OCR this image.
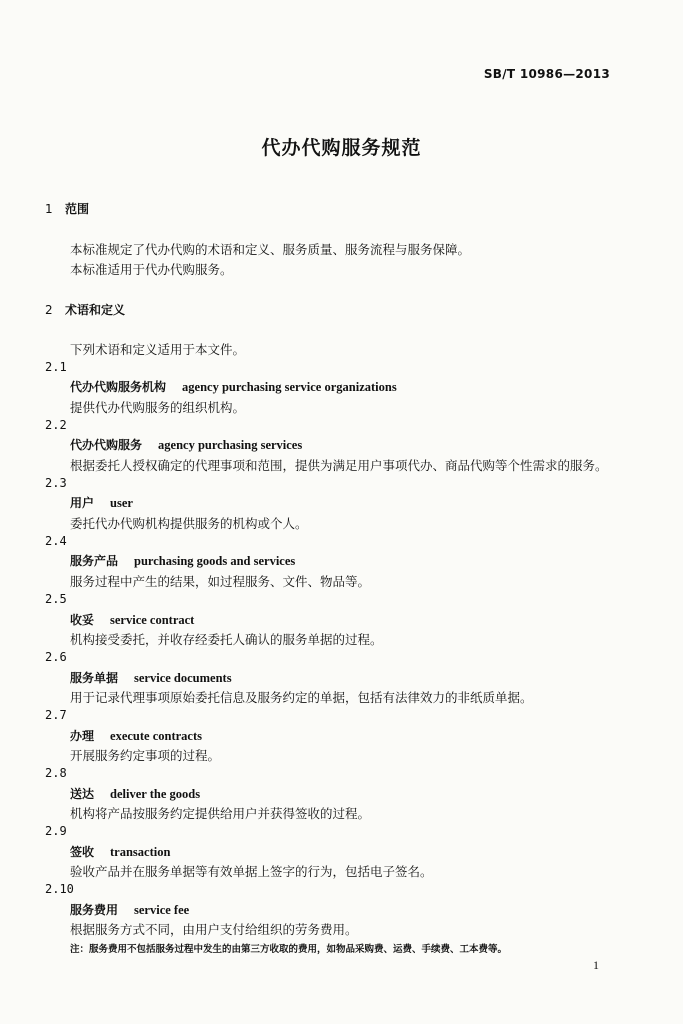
SB/T 10986—2013
代办代购服务规范
1 范围
本标准规定了代办代购的术语和定义、服务质量、服务流程与服务保障。
本标准适用于代办代购服务。
2 术语和定义
下列术语和定义适用于本文件。
2.1
代办代购服务机构 agency purchasing service organizations
提供代办代购服务的组织机构。
2.2
代办代购服务 agency purchasing services
根据委托人授权确定的代理事项和范围，提供为满足用户事项代办、商品代购等个性需求的服务。
2.3
用户 user
委托代办代购机构提供服务的机构或个人。
2.4
服务产品 purchasing goods and services
服务过程中产生的结果，如过程服务、文件、物品等。
2.5
收妥 service contract
机构接受委托，并收存经委托人确认的服务单据的过程。
2.6
服务单据 service documents
用于记录代理事项原始委托信息及服务约定的单据，包括有法律效力的非纸质单据。
2.7
办理 execute contracts
开展服务约定事项的过程。
2.8
送达 deliver the goods
机构将产品按服务约定提供给用户并获得签收的过程。
2.9
签收 transaction
验收产品并在服务单据等有效单据上签字的行为，包括电子签名。
2.10
服务费用 service fee
根据服务方式不同，由用户支付给组织的劳务费用。
注：服务费用不包括服务过程中发生的由第三方收取的费用，如物品采购费、运费、手续费、工本费等。
1
